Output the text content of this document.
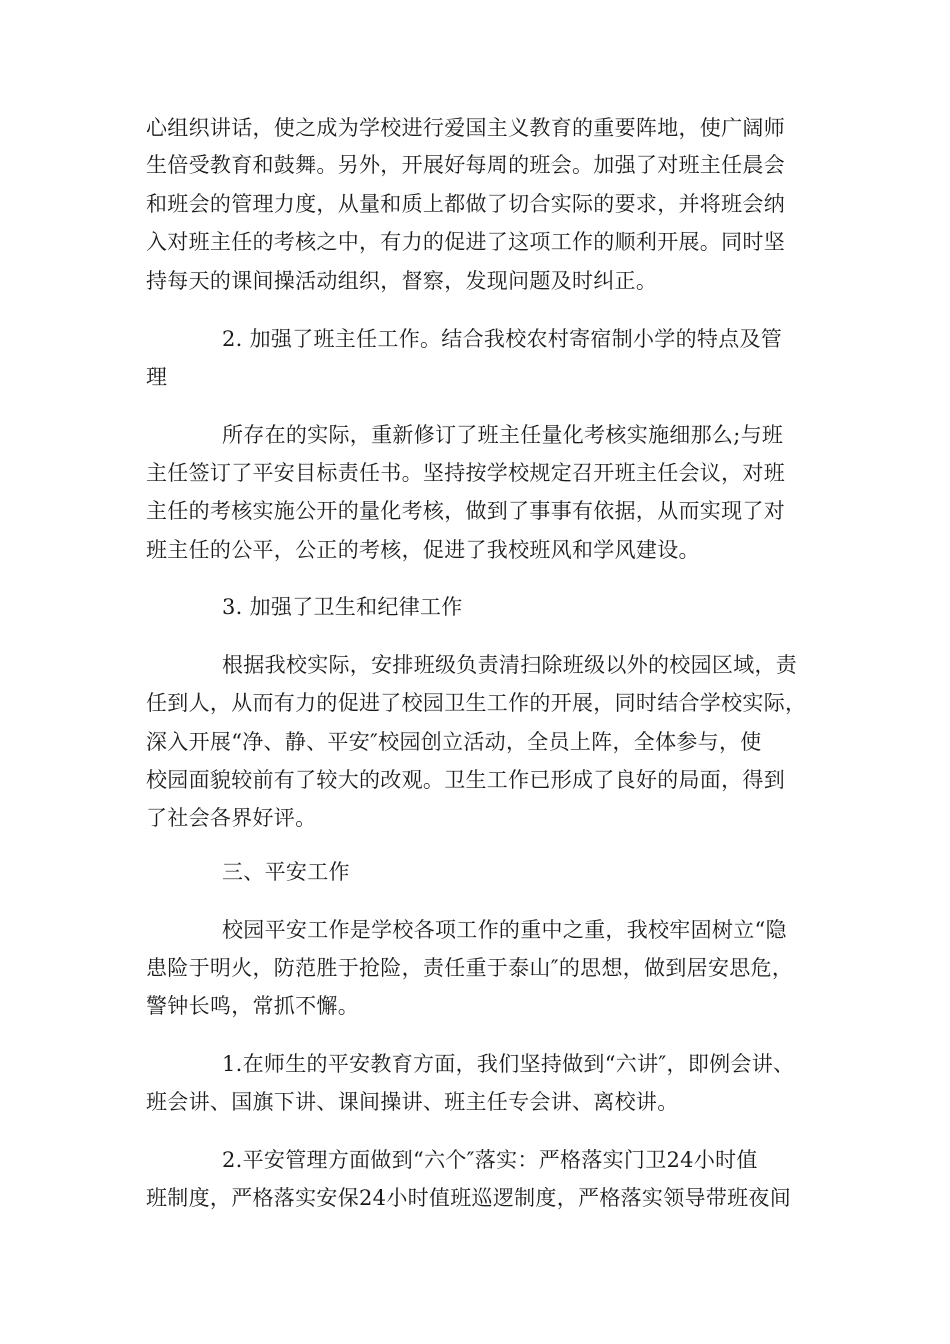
心组织讲话，使之成为学校进行爱国主义教育的重要阵地，使广阔师
生倍受教育和鼓舞。另外，开展好每周的班会。加强了对班主任晨会
和班会的管理力度，从量和质上都做了切合实际的要求，并将班会纳
入对班主任的考核之中，有力的促进了这项工作的顺利开展。同时坚
持每天的课间操活动组织，督察，发现问题及时纠正。
2. 加强了班主任工作。结合我校农村寄宿制小学的特点及管
理
所存在的实际，重新修订了班主任量化考核实施细那么;与班
主任签订了平安目标责任书。坚持按学校规定召开班主任会议，对班
主任的考核实施公开的量化考核，做到了事事有依据，从而实现了对
班主任的公平，公正的考核，促进了我校班风和学风建设。
3. 加强了卫生和纪律工作
根据我校实际，安排班级负责清扫除班级以外的校园区域，责
任到人，从而有力的促进了校园卫生工作的开展，同时结合学校实际，
深入开展“净、静、平安″校园创立活动，全员上阵，全体参与，使
校园面貌较前有了较大的改观。卫生工作已形成了良好的局面，得到
了社会各界好评。
三、平安工作
校园平安工作是学校各项工作的重中之重，我校牢固树立“隐
患险于明火，防范胜于抢险，责任重于泰山″的思想，做到居安思危，
警钟长鸣，常抓不懈。
1.在师生的平安教育方面，我们坚持做到“六讲″，即例会讲、
班会讲、国旗下讲、课间操讲、班主任专会讲、离校讲。
2.平安管理方面做到“六个″落实：严格落实门卫24小时值
班制度，严格落实安保24小时值班巡逻制度，严格落实领导带班夜间
